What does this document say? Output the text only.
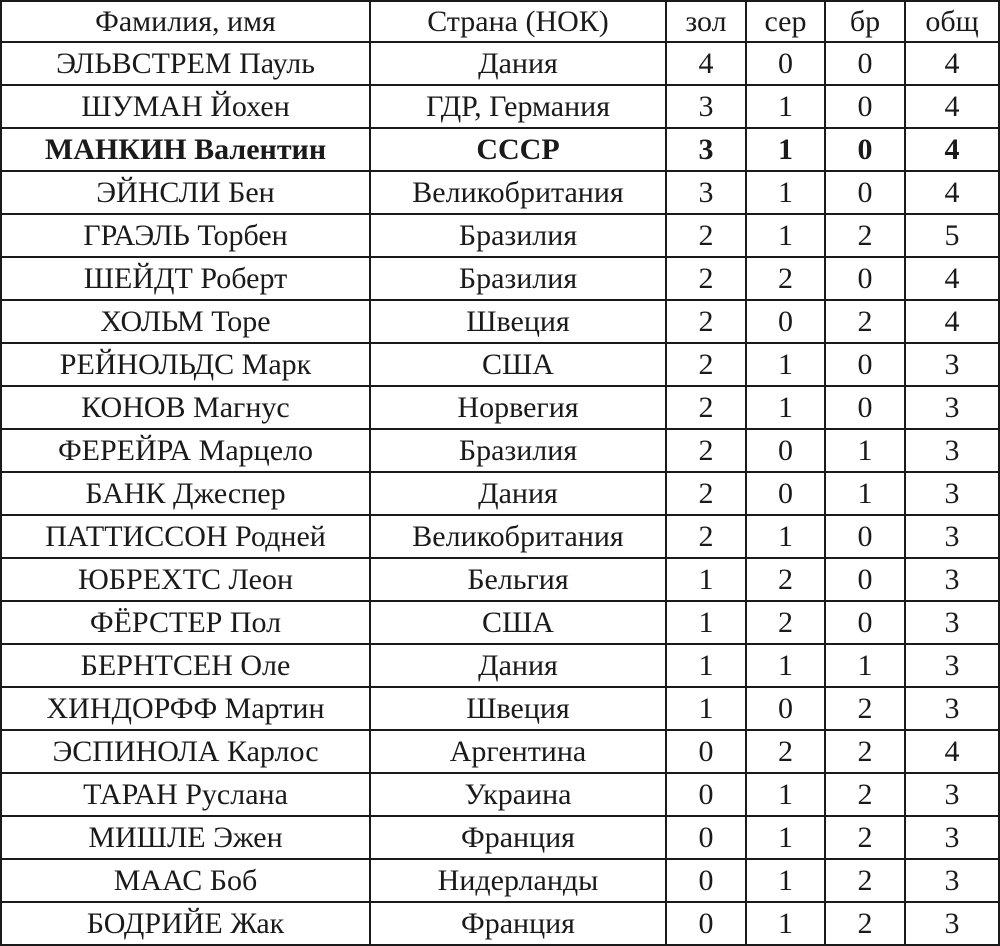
Фамилия, имя	Страна (НОК)	зол	сер	бр	общ
ЭЛЬВСТРЕМ Пауль	Дания	4	0	0	4
ШУМАН Йохен	ГДР, Германия	3	1	0	4
МАНКИН Валентин	СССР	3	1	0	4
ЭЙНСЛИ Бен	Великобритания	3	1	0	4
ГРАЭЛЬ Торбен	Бразилия	2	1	2	5
ШЕЙДТ Роберт	Бразилия	2	2	0	4
ХОЛЬМ Торе	Швеция	2	0	2	4
РЕЙНОЛЬДС Марк	США	2	1	0	3
КОНОВ Магнус	Норвегия	2	1	0	3
ФЕРЕЙРА Марцело	Бразилия	2	0	1	3
БАНК Джеспер	Дания	2	0	1	3
ПАТТИССОН Родней	Великобритания	2	1	0	3
ЮБРЕХТС Леон	Бельгия	1	2	0	3
ФЁРСТЕР Пол	США	1	2	0	3
БЕРНТСЕН Оле	Дания	1	1	1	3
ХИНДОРФФ Мартин	Швеция	1	0	2	3
ЭСПИНОЛА Карлос	Аргентина	0	2	2	4
ТАРАН Руслана	Украина	0	1	2	3
МИШЛЕ Эжен	Франция	0	1	2	3
МААС Боб	Нидерланды	0	1	2	3
БОДРИЙЕ Жак	Франция	0	1	2	3
